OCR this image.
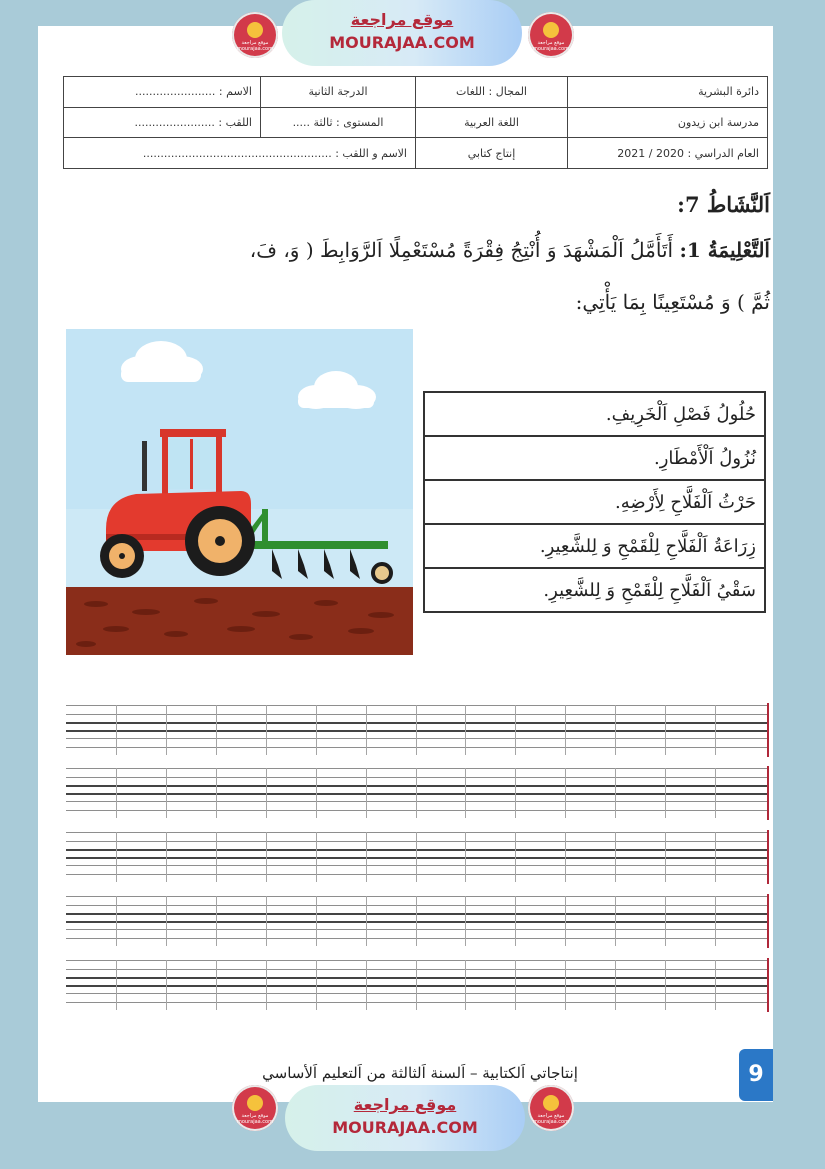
موقع مراجعة
mourajaa.com
موقع مراجعة
MOURAJAA.COM	موقع مراجعة
mourajaa.com
دائرة البشرية	المجال : اللغات	الدرجة الثانية	الاسم : .......................
مدرسة ابن زيدون	اللغة العربية	المستوى : ثالثة .....	اللقب : .......................
العام الدراسي : 2020 / 2021	إنتاج كتابي	الاسم و اللقب : ......................................................	
اَلنَّشَاطُ 7:
اَلتَّعْلِيمَةُ 1: أَتَأَمَّلُ اَلْمَشْهَدَ وَ أُنْتِجُ فِقْرَةً مُسْتَعْمِلًا اَلرَّوَابِطَ ( وَ، فَ،
ثُمَّ ) وَ مُسْتَعِينًا بِمَا يَأْتِي:
حُلُولُ فَصْلِ اَلْخَرِيفِ.
نُزُولُ اَلْأَمْطَارِ.
حَرْثُ اَلْفَلَّاحِ لِأَرْضِهِ.
زِرَاعَةُ اَلْفَلَّاحِ لِلْقَمْحِ وَ لِلشَّعِيرِ.
سَقْيُ اَلْفَلَّاحِ لِلْقَمْحِ وَ لِلشَّعِيرِ.
إنتاجاتي اَلكتابية – اَلسنة اَلثالثة من اَلتعليم اَلأساسي	9
موقع مراجعة
mourajaa.com
موقع مراجعة
MOURAJAA.COM
موقع مراجعة
mourajaa.com
